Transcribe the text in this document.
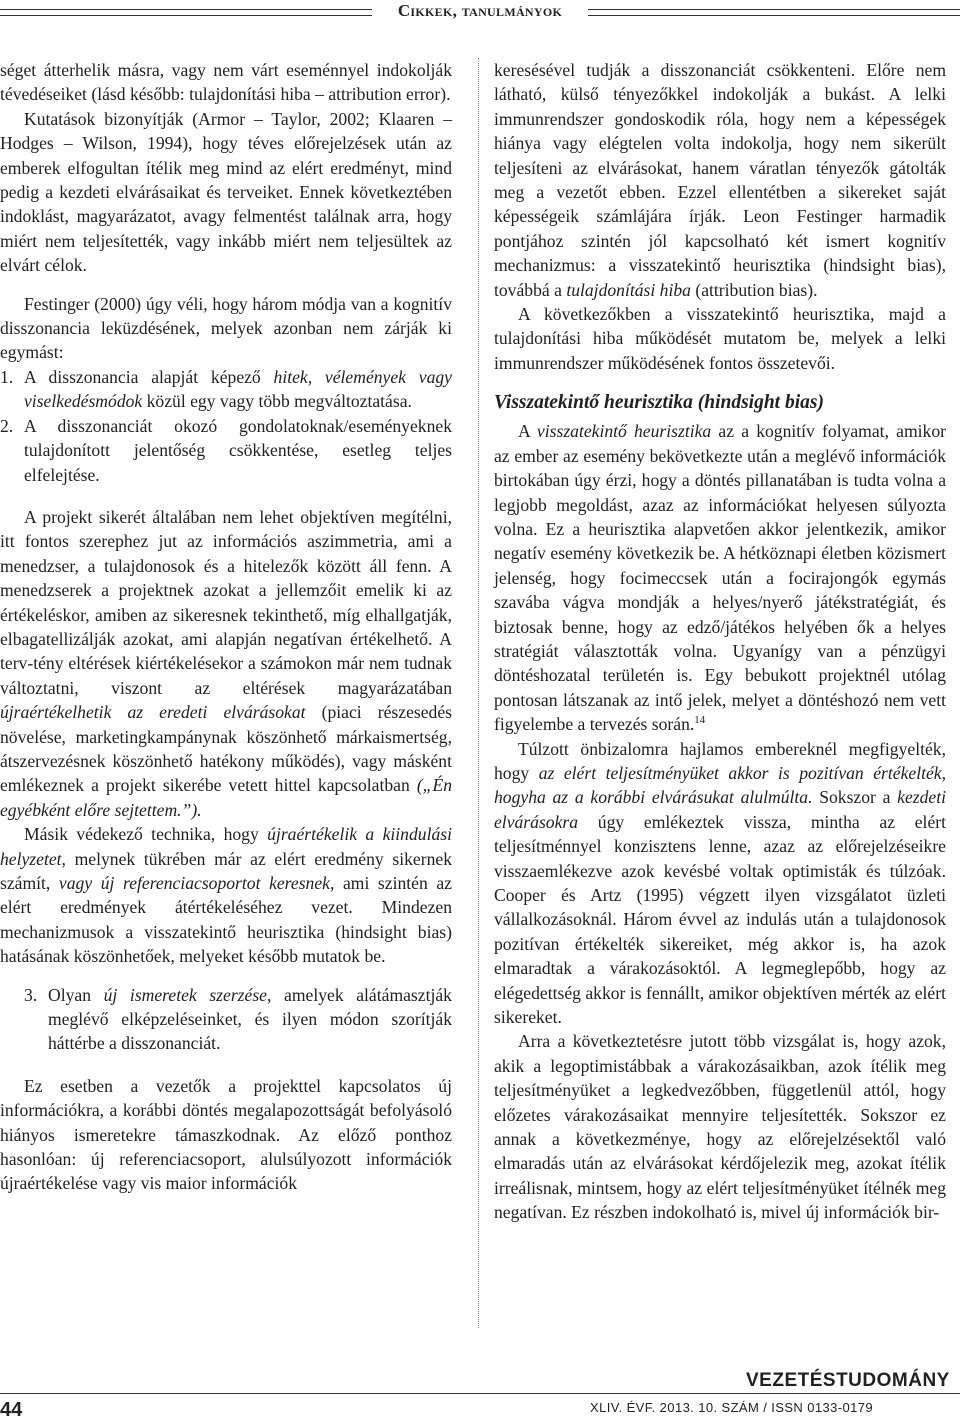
Cikkek, tanulmányok

séget átterhelik másra, vagy nem várt eseménnyel indokolják tévedéseiket (lásd később: tulajdonítási hiba – attribution error).

Kutatások bizonyítják (Armor – Taylor, 2002; Klaaren – Hodges – Wilson, 1994), hogy téves előrejelzések után az emberek elfogultan ítélik meg mind az elért eredményt, mind pedig a kezdeti elvárásaikat és terveiket. Ennek következtében indoklást, magyarázatot, avagy felmentést találnak arra, hogy miért nem teljesítették, vagy inkább miért nem teljesültek az elvárt célok.

Festinger (2000) úgy véli, hogy három módja van a kognitív disszonancia leküzdésének, melyek azonban nem zárják ki egymást:

1. A disszonancia alapját képező hitek, vélemények vagy viselkedésmódok közül egy vagy több megváltoztatása.
2. A disszonanciát okozó gondolatoknak/eseményeknek tulajdonított jelentőség csökkentése, esetleg teljes elfelejtése.

A projekt sikerét általában nem lehet objektíven megítélni, itt fontos szerephez jut az információs aszimmetria, ami a menedzser, a tulajdonosok és a hitelezők között áll fenn. A menedzserek a projektnek azokat a jellemzőit emelik ki az értékeléskor, amiben az sikeresnek tekinthető, míg elhallgatják, elbagatellizálják azokat, ami alapján negatívan értékelhető. A terv-tény eltérések kiértékelésekor a számokon már nem tudnak változtatni, viszont az eltérések magyarázatában újraértékelhetik az eredeti elvárásokat (piaci részesedés növelése, marketingkampánynak köszönhető márkaismertség, átszervezésnek köszönhető hatékony működés), vagy másként emlékeznek a projekt sikerébe vetett hittel kapcsolatban („Én egyébként előre sejtettem.”).

Másik védekező technika, hogy újraértékelik a kiindulási helyzetet, melynek tükrében már az elért eredmény sikernek számít, vagy új referenciacsoportot keresnek, ami szintén az elért eredmények átértékeléséhez vezet. Mindezen mechanizmusok a visszatekintő heurisztika (hindsight bias) hatásának köszönhetőek, melyeket később mutatok be.

3. Olyan új ismeretek szerzése, amelyek alátámasztják meglévő elképzeléseinket, és ilyen módon szorítják háttérbe a disszonanciát.

Ez esetben a vezetők a projekttel kapcsolatos új információkra, a korábbi döntés megalapozottságát befolyásoló hiányos ismeretekre támaszkodnak. Az előző ponthoz hasonlóan: új referenciacsoport, alulsúlyozott információk újraértékelése vagy vis maior információk

keresésével tudják a disszonanciát csökkenteni. Előre nem látható, külső tényezőkkel indokolják a bukást. A lelki immunrendszer gondoskodik róla, hogy nem a képességek hiánya vagy elégtelen volta indokolja, hogy nem sikerült teljesíteni az elvárásokat, hanem váratlan tényezők gátolták meg a vezetőt ebben. Ezzel ellentétben a sikereket saját képességeik számlájára írják. Leon Festinger harmadik pontjához szintén jól kapcsolható két ismert kognitív mechanizmus: a visszatekintő heurisztika (hindsight bias), továbbá a tulajdonítási hiba (attribution bias).

A következőkben a visszatekintő heurisztika, majd a tulajdonítási hiba működését mutatom be, melyek a lelki immunrendszer működésének fontos összetevői.

Visszatekintő heurisztika (hindsight bias)

A visszatekintő heurisztika az a kognitív folyamat, amikor az ember az esemény bekövetkezte után a meglévő információk birtokában úgy érzi, hogy a döntés pillanatában is tudta volna a legjobb megoldást, azaz az információkat helyesen súlyozta volna. Ez a heurisztika alapvetően akkor jelentkezik, amikor negatív esemény következik be. A hétköznapi életben közismert jelenség, hogy focimeccsek után a focirajongók egymás szavába vágva mondják a helyes/nyerő játékstratégiát, és biztosak benne, hogy az edző/játékos helyében ők a helyes stratégiát választották volna. Ugyanígy van a pénzügyi döntéshozatal területén is. Egy bebukott projektnél utólag pontosan látszanak az intő jelek, melyet a döntéshozó nem vett figyelembe a tervezés során.$^{14}$

Túlzott önbizalomra hajlamos embereknél megfigyelték, hogy az elért teljesítményüket akkor is pozitívan értékelték, hogyha az a korábbi elvárásukat alulmúlta. Sokszor a kezdeti elvárásokra úgy emlékeztek vissza, mintha az elért teljesítménnyel konzisztens lenne, azaz az előrejelzéseikre visszaemlékezve azok kevésbé voltak optimisták és túlzóak. Cooper és Artz (1995) végzett ilyen vizsgálatot üzleti vállalkozásoknál. Három évvel az indulás után a tulajdonosok pozitívan értékelték sikereiket, még akkor is, ha azok elmaradtak a várakozásoktól. A legmeglepőbb, hogy az elégedettség akkor is fennállt, amikor objektíven mérték az elért sikereket.

Arra a következtetésre jutott több vizsgálat is, hogy azok, akik a legoptimistábbak a várakozásaikban, azok ítélik meg teljesítményüket a legkedvezőbben, függetlenül attól, hogy előzetes várakozásaikat mennyire teljesítették. Sokszor ez annak a következménye, hogy az előrejelzésektől való elmaradás után az elvárásokat kérdőjelezik meg, azokat ítélik irreálisnak, mintsem, hogy az elért teljesítményüket ítélnék meg negatívan. Ez részben indokolható is, mivel új információk bir-

VEZETÉSTUDOMÁNY
XLIV. ÉVF. 2013. 10. SZÁM / ISSN 0133-0179
44
